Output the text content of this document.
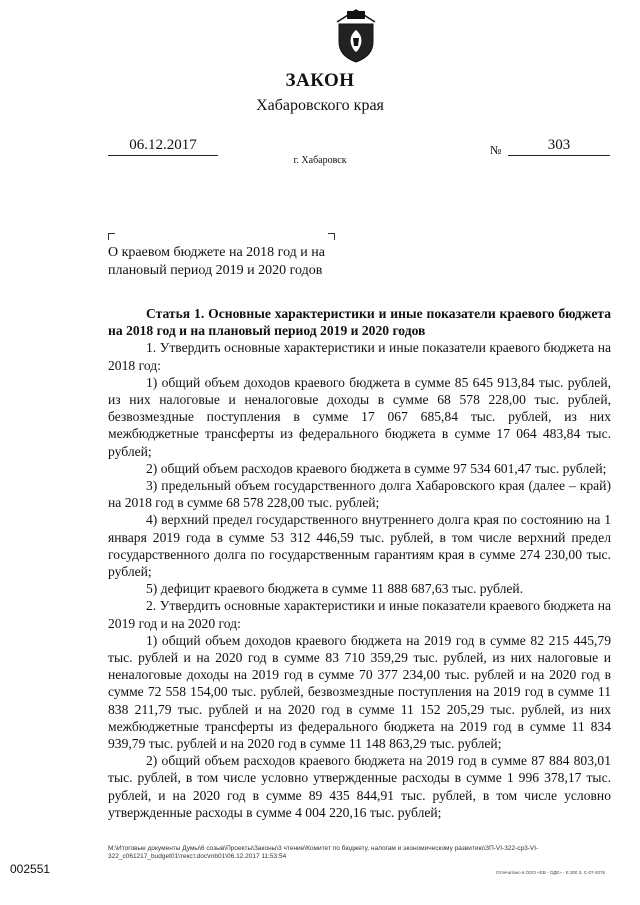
ЗАКОН
Хабаровского края
06.12.2017
г. Хабаровск
№	303
О краевом бюджете на 2018 год и на
плановый период 2019 и 2020 годов

Статья 1. Основные характеристики и иные показатели краевого бюджета на 2018 год и на плановый период 2019 и 2020 годов

1. Утвердить основные характеристики и иные показатели краевого бюджета на 2018 год:

1) общий объем доходов краевого бюджета в сумме 85 645 913,84 тыс. рублей, из них налоговые и неналоговые доходы в сумме 68 578 228,00 тыс. рублей, безвозмездные поступления в сумме 17 067 685,84 тыс. рублей, из них межбюджетные трансферты из федерального бюджета в сумме 17 064 483,84 тыс. рублей;

2) общий объем расходов краевого бюджета в сумме 97 534 601,47 тыс. рублей;

3) предельный объем государственного долга Хабаровского края (далее – край) на 2018 год в сумме 68 578 228,00 тыс. рублей;

4) верхний предел государственного внутреннего долга края по состоянию на 1 января 2019 года в сумме 53 312 446,59 тыс. рублей, в том числе верхний предел государственного долга по государственным гарантиям края в сумме 274 230,00 тыс. рублей;

5) дефицит краевого бюджета в сумме 11 888 687,63 тыс. рублей.

2. Утвердить основные характеристики и иные показатели краевого бюджета на 2019 год и на 2020 год:

1) общий объем доходов краевого бюджета на 2019 год в сумме 82 215 445,79 тыс. рублей и на 2020 год в сумме 83 710 359,29 тыс. рублей, из них налоговые и неналоговые доходы на 2019 год в сумме 70 377 234,00 тыс. рублей и на 2020 год в сумме 72 558 154,00 тыс. рублей, безвозмездные поступления на 2019 год в сумме 11 838 211,79 тыс. рублей и на 2020 год в сумме 11 152 205,29 тыс. рублей, из них межбюджетные трансферты из федерального бюджета на 2019 год в сумме 11 834 939,79 тыс. рублей и на 2020 год в сумме 11 148 863,29 тыс. рублей;

2) общий объем расходов краевого бюджета на 2019 год в сумме 87 884 803,01 тыс. рублей, в том числе условно утвержденные расходы в сумме 1 996 378,17 тыс. рублей, и на 2020 год в сумме 89 435 844,91 тыс. рублей, в том числе условно утвержденные расходы в сумме 4 004 220,16 тыс. рублей;

М:\Итоговые документы Думы\6 созыв\Проекты\Законы\3 чтение\Комитет по бюджету, налогам и экономическому развитию\ЗП-VI-322-ср3-VI-322_с061217_budget01\текст.doc\mb01\06.12.2017 11:53:54
Отпечатано в ООО «ЕВ - ОДЕ» - Е.300 3. С-07-2076
002551
